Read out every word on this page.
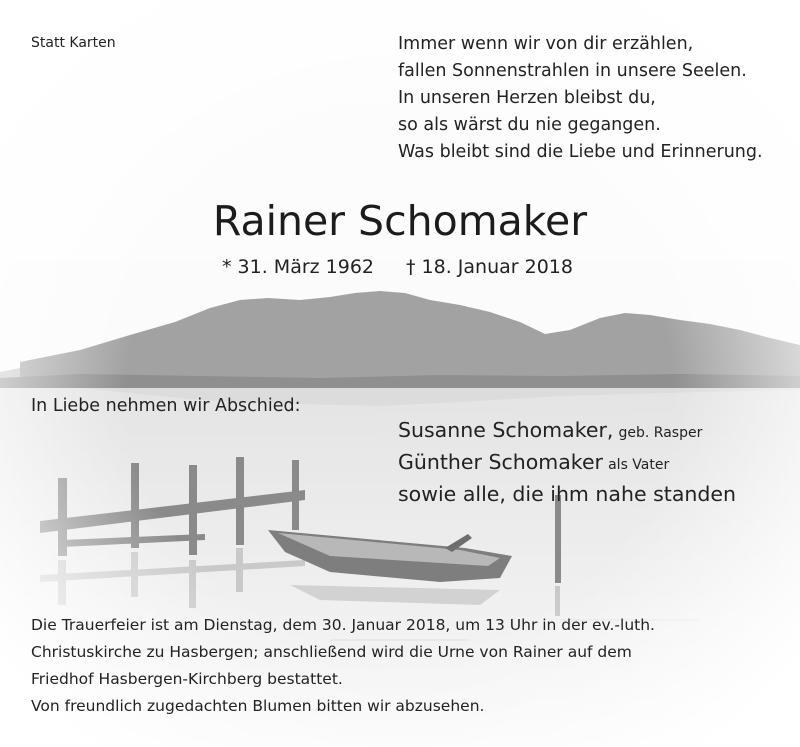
Statt Karten	Immer wenn wir von dir erzählen,
fallen Sonnenstrahlen in unsere Seelen.
In unseren Herzen bleibst du,
so als wärst du nie gegangen.
Was bleibt sind die Liebe und Erinnerung.
Rainer Schomaker
* 31. März 1962 † 18. Januar 2018
In Liebe nehmen wir Abschied:
Susanne Schomaker, geb. Rasper
Günther Schomaker als Vater
sowie alle, die ihm nahe standen
Die Trauerfeier ist am Dienstag, dem 30. Januar 2018, um 13 Uhr in der ev.-luth.
Christuskirche zu Hasbergen; anschließend wird die Urne von Rainer auf dem
Friedhof Hasbergen-Kirchberg bestattet.
Von freundlich zugedachten Blumen bitten wir abzusehen.
